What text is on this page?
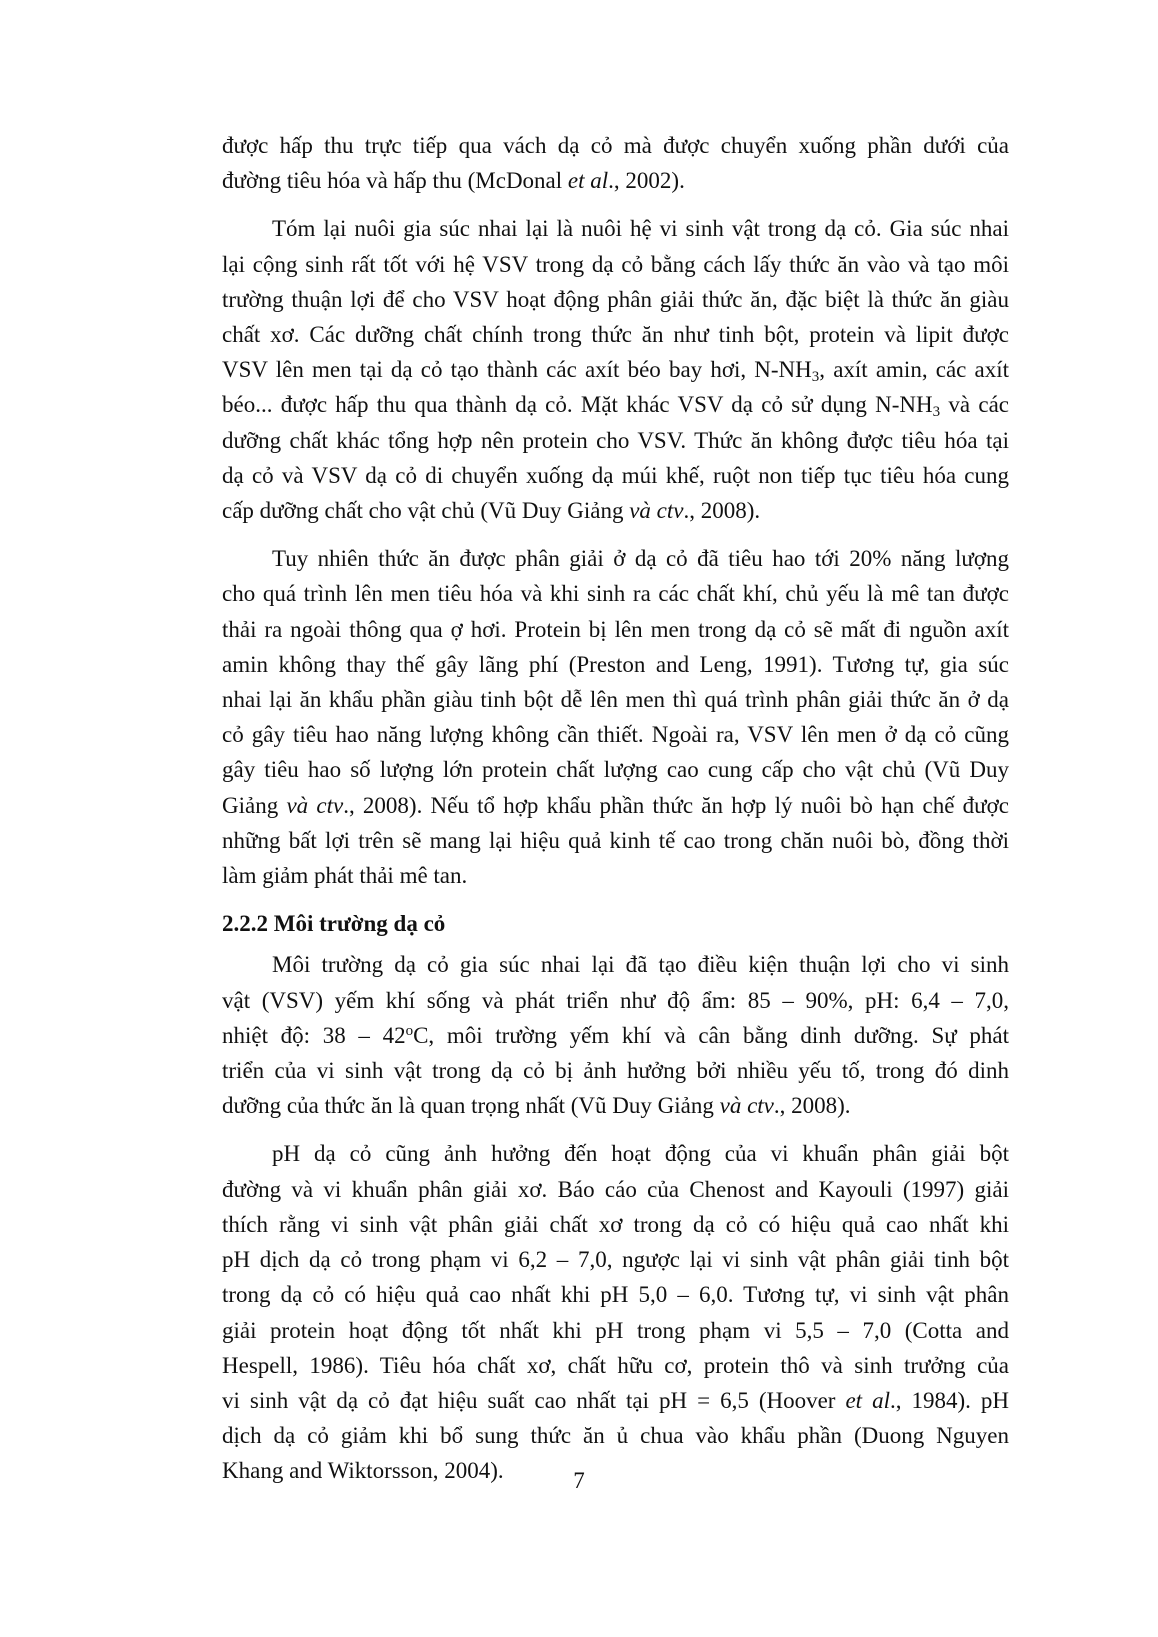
được hấp thu trực tiếp qua vách dạ cỏ mà được chuyển xuống phần dưới của
đường tiêu hóa và hấp thu (McDonal et al., 2002).
Tóm lại nuôi gia súc nhai lại là nuôi hệ vi sinh vật trong dạ cỏ. Gia súc nhai
lại cộng sinh rất tốt với hệ VSV trong dạ cỏ bằng cách lấy thức ăn vào và tạo môi
trường thuận lợi để cho VSV hoạt động phân giải thức ăn, đặc biệt là thức ăn giàu
chất xơ. Các dưỡng chất chính trong thức ăn như tinh bột, protein và lipit được
VSV lên men tại dạ cỏ tạo thành các axít béo bay hơi, $N-NH_3$, axít amin, các axít
béo... được hấp thu qua thành dạ cỏ. Mặt khác VSV dạ cỏ sử dụng $N-NH_3$ và các
dưỡng chất khác tổng hợp nên protein cho VSV. Thức ăn không được tiêu hóa tại
dạ cỏ và VSV dạ cỏ di chuyển xuống dạ múi khế, ruột non tiếp tục tiêu hóa cung
cấp dưỡng chất cho vật chủ (Vũ Duy Giảng và ctv., 2008).
Tuy nhiên thức ăn được phân giải ở dạ cỏ đã tiêu hao tới 20% năng lượng
cho quá trình lên men tiêu hóa và khi sinh ra các chất khí, chủ yếu là mê tan được
thải ra ngoài thông qua ợ hơi. Protein bị lên men trong dạ cỏ sẽ mất đi nguồn axít
amin không thay thế gây lãng phí (Preston and Leng, 1991). Tương tự, gia súc
nhai lại ăn khẩu phần giàu tinh bột dễ lên men thì quá trình phân giải thức ăn ở dạ
cỏ gây tiêu hao năng lượng không cần thiết. Ngoài ra, VSV lên men ở dạ cỏ cũng
gây tiêu hao số lượng lớn protein chất lượng cao cung cấp cho vật chủ (Vũ Duy
Giảng và ctv., 2008). Nếu tổ hợp khẩu phần thức ăn hợp lý nuôi bò hạn chế được
những bất lợi trên sẽ mang lại hiệu quả kinh tế cao trong chăn nuôi bò, đồng thời
làm giảm phát thải mê tan.
2.2.2 Môi trường dạ cỏ
Môi trường dạ cỏ gia súc nhai lại đã tạo điều kiện thuận lợi cho vi sinh
vật (VSV) yếm khí sống và phát triển như độ ẩm: 85 – 90%, pH: 6,4 – 7,0,
nhiệt độ: 38 – 42$^o$C, môi trường yếm khí và cân bằng dinh dưỡng. Sự phát
triển của vi sinh vật trong dạ cỏ bị ảnh hưởng bởi nhiều yếu tố, trong đó dinh
dưỡng của thức ăn là quan trọng nhất (Vũ Duy Giảng và ctv., 2008).
pH dạ cỏ cũng ảnh hưởng đến hoạt động của vi khuẩn phân giải bột
đường và vi khuẩn phân giải xơ. Báo cáo của Chenost and Kayouli (1997) giải
thích rằng vi sinh vật phân giải chất xơ trong dạ cỏ có hiệu quả cao nhất khi
pH dịch dạ cỏ trong phạm vi 6,2 – 7,0, ngược lại vi sinh vật phân giải tinh bột
trong dạ cỏ có hiệu quả cao nhất khi pH 5,0 – 6,0. Tương tự, vi sinh vật phân
giải protein hoạt động tốt nhất khi pH trong phạm vi 5,5 – 7,0 (Cotta and
Hespell, 1986). Tiêu hóa chất xơ, chất hữu cơ, protein thô và sinh trưởng của
vi sinh vật dạ cỏ đạt hiệu suất cao nhất tại pH = 6,5 (Hoover et al., 1984). pH
dịch dạ cỏ giảm khi bổ sung thức ăn ủ chua vào khẩu phần (Duong Nguyen
Khang and Wiktorsson, 2004).	7
